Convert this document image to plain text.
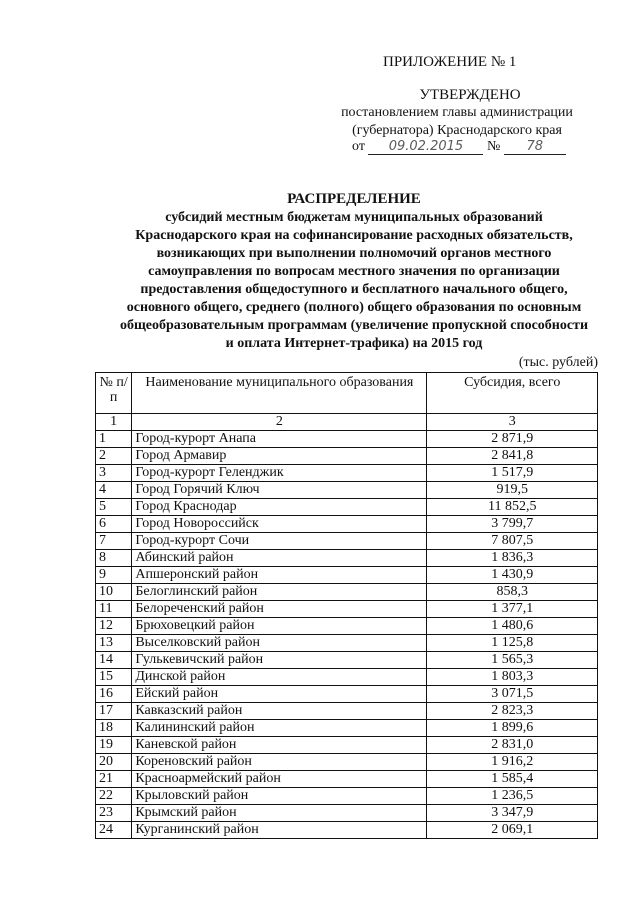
ПРИЛОЖЕНИЕ № 1
УТВЕРЖДЕНО
постановлением главы администрации
(губернатора) Краснодарского края
от 09.02.2015 № 78
РАСПРЕДЕЛЕНИЕ
субсидий местным бюджетам муниципальных образований
Краснодарского края на софинансирование расходных обязательств,
возникающих при выполнении полномочий органов местного
самоуправления по вопросам местного значения по организации
предоставления общедоступного и бесплатного начального общего,
основного общего, среднего (полного) общего образования по основным
общеобразовательным программам (увеличение пропускной способности
и оплата Интернет-трафика) на 2015 год
(тыс. рублей)
№ п/п	Наименование муниципального образования	Субсидия, всего
1	2	3
1	Город-курорт Анапа	2 871,9
2	Город Армавир	2 841,8
3	Город-курорт Геленджик	1 517,9
4	Город Горячий Ключ	919,5
5	Город Краснодар	11 852,5
6	Город Новороссийск	3 799,7
7	Город-курорт Сочи	7 807,5
8	Абинский район	1 836,3
9	Апшеронский район	1 430,9
10	Белоглинский район	858,3
11	Белореченский район	1 377,1
12	Брюховецкий район	1 480,6
13	Выселковский район	1 125,8
14	Гулькевичский район	1 565,3
15	Динской район	1 803,3
16	Ейский район	3 071,5
17	Кавказский район	2 823,3
18	Калининский район	1 899,6
19	Каневской район	2 831,0
20	Кореновский район	1 916,2
21	Красноармейский район	1 585,4
22	Крыловский район	1 236,5
23	Крымский район	3 347,9
24	Курганинский район	2 069,1
